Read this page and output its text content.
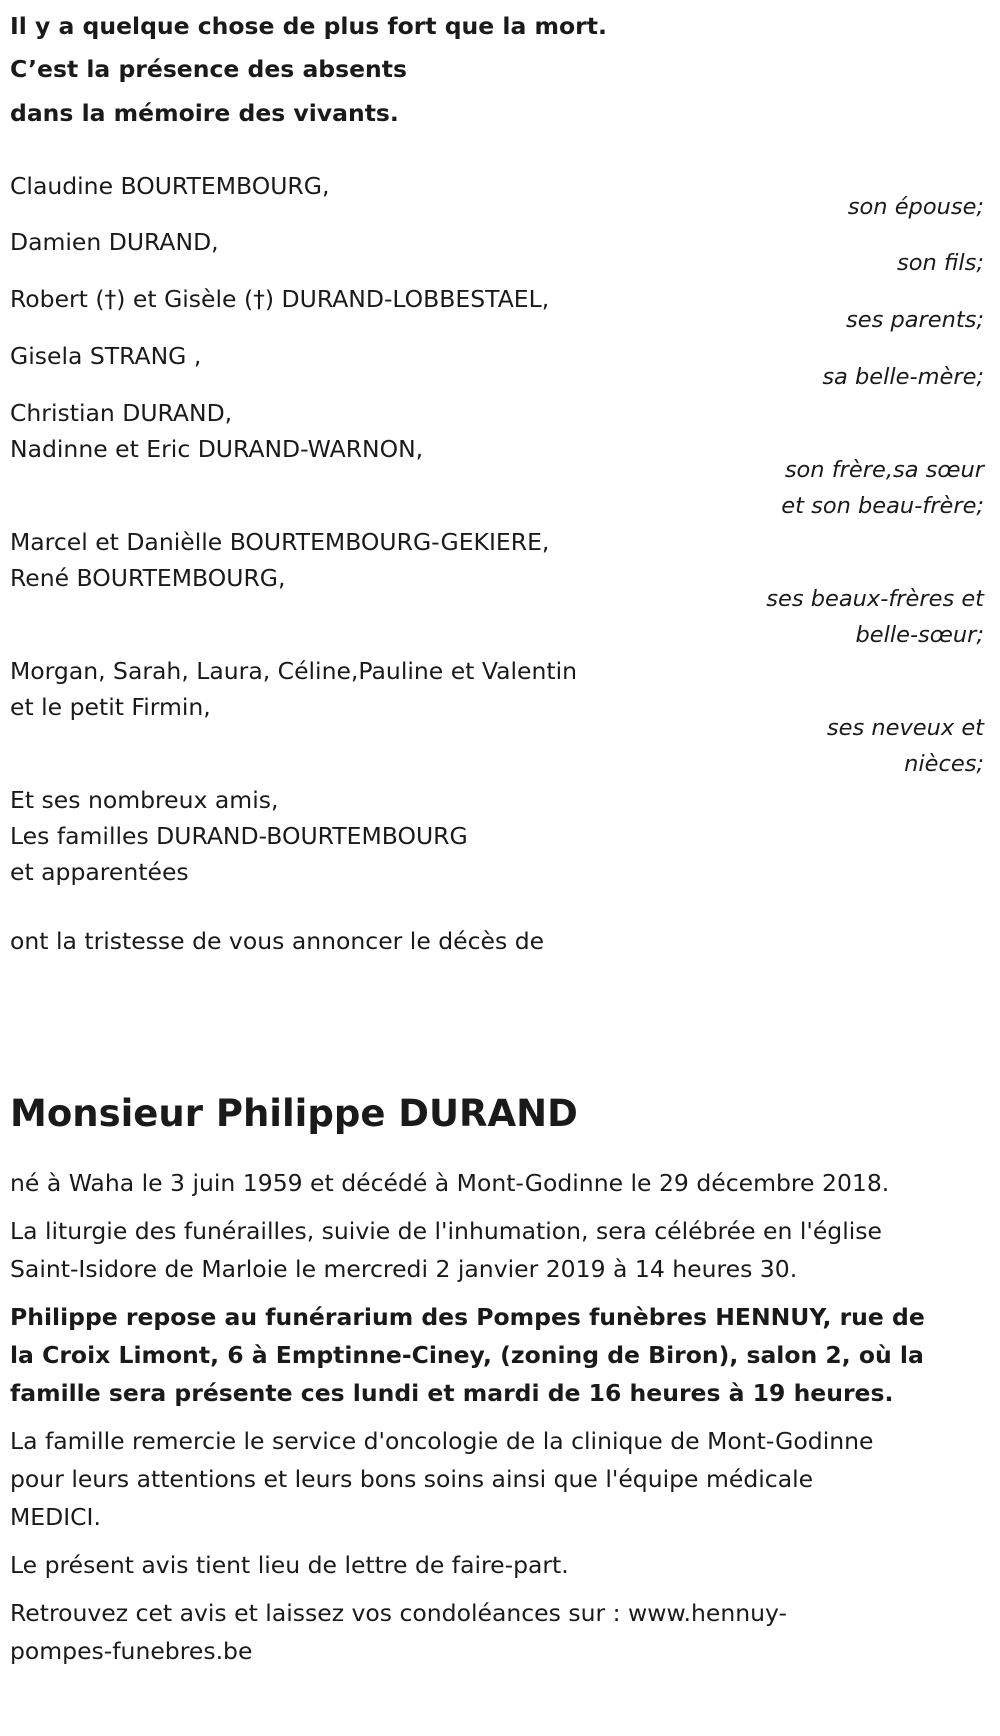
Il y a quelque chose de plus fort que la mort.
C’est la présence des absents
dans la mémoire des vivants.
Claudine BOURTEMBOURG,
son épouse;
Damien DURAND,
son fils;
Robert (†) et Gisèle (†) DURAND-LOBBESTAEL,
ses parents;
Gisela STRANG ,
sa belle-mère;
Christian DURAND,
Nadinne et Eric DURAND-WARNON,
son frère,sa sœur
et son beau-frère;
Marcel et Danièlle BOURTEMBOURG-GEKIERE,
René BOURTEMBOURG,
ses beaux-frères et
belle-sœur;
Morgan, Sarah, Laura, Céline,Pauline et Valentin
et le petit Firmin,
ses neveux et
nièces;
Et ses nombreux amis,
Les familles DURAND-BOURTEMBOURG
et apparentées
ont la tristesse de vous annoncer le décès de
Monsieur Philippe DURAND
né à Waha le 3 juin 1959 et décédé à Mont-Godinne le 29 décembre 2018.
La liturgie des funérailles, suivie de l'inhumation, sera célébrée en l'église
Saint-Isidore de Marloie le mercredi 2 janvier 2019 à 14 heures 30.
Philippe repose au funérarium des Pompes funèbres HENNUY, rue de
la Croix Limont, 6 à Emptinne-Ciney, (zoning de Biron), salon 2, où la
famille sera présente ces lundi et mardi de 16 heures à 19 heures.
La famille remercie le service d'oncologie de la clinique de Mont-Godinne
pour leurs attentions et leurs bons soins ainsi que l'équipe médicale
MEDICI.
Le présent avis tient lieu de lettre de faire-part.
Retrouvez cet avis et laissez vos condoléances sur : www.hennuy-
pompes-funebres.be
